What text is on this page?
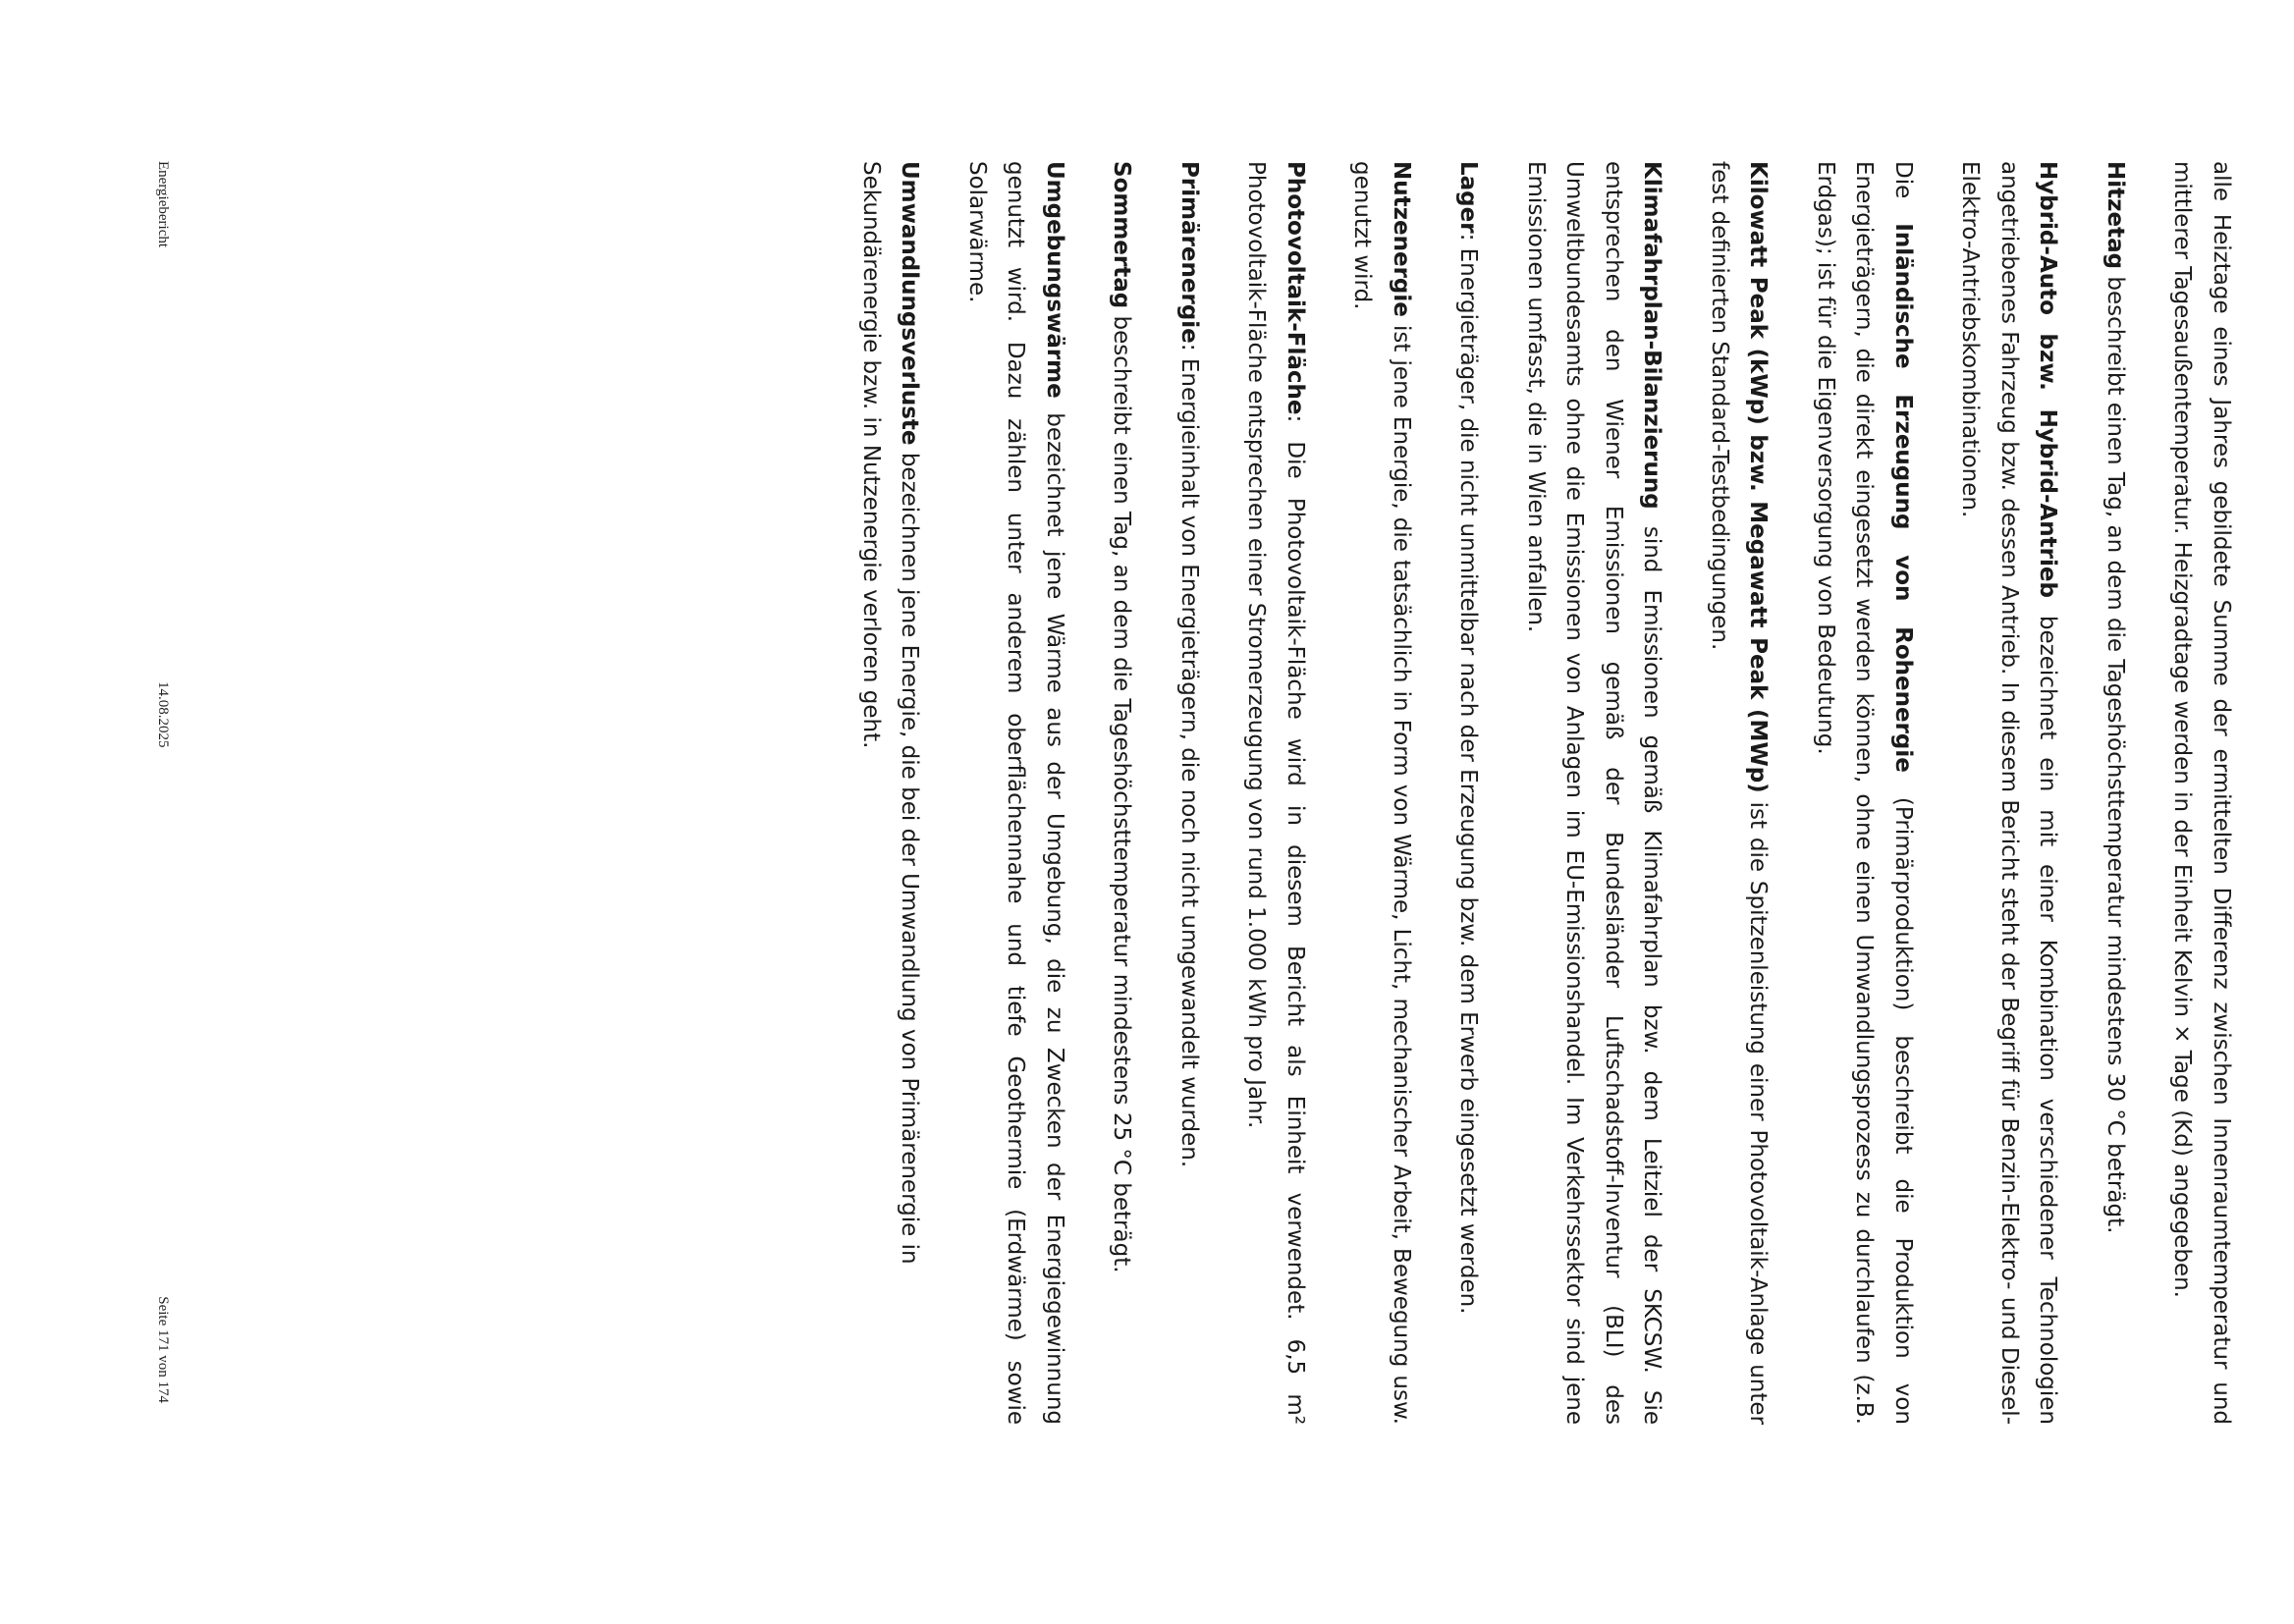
alle Heiztage eines Jahres gebildete Summe der ermittelten Differenz zwischen Innenraumtemperatur und mittlerer Tagesaußentemperatur. Heizgradtage werden in der Einheit Kelvin × Tage (Kd) angegeben.

Hitzetag beschreibt einen Tag, an dem die Tageshöchsttemperatur mindestens 30 °C beträgt.

Hybrid-Auto bzw. Hybrid-Antrieb bezeichnet ein mit einer Kombination verschiedener Technologien angetriebenes Fahrzeug bzw. dessen Antrieb. In diesem Bericht steht der Begriff für Benzin-Elektro- und Diesel-Elektro-Antriebskombinationen.

Die Inländische Erzeugung von Rohenergie (Primärproduktion) beschreibt die Produktion von Energieträgern, die direkt eingesetzt werden können, ohne einen Umwandlungsprozess zu durchlaufen (z.B. Erdgas); ist für die Eigenversorgung von Bedeutung.

Kilowatt Peak (kWp) bzw. Megawatt Peak (MWp) ist die Spitzenleistung einer Photovoltaik-Anlage unter fest definierten Standard-Testbedingungen.

Klimafahrplan-Bilanzierung sind Emissionen gemäß Klimafahrplan bzw. dem Leitziel der SKCSW. Sie entsprechen den Wiener Emissionen gemäß der Bundesländer Luftschadstoff-Inventur (BLI) des Umweltbundesamts ohne die Emissionen von Anlagen im EU-Emissionshandel. Im Verkehrssektor sind jene Emissionen umfasst, die in Wien anfallen.

Lager: Energieträger, die nicht unmittelbar nach der Erzeugung bzw. dem Erwerb eingesetzt werden.

Nutzenergie ist jene Energie, die tatsächlich in Form von Wärme, Licht, mechanischer Arbeit, Bewegung usw. genutzt wird.

Photovoltaik-Fläche: Die Photovoltaik-Fläche wird in diesem Bericht als Einheit verwendet. 6,5 m² Photovoltaik-Fläche entsprechen einer Stromerzeugung von rund 1.000 kWh pro Jahr.

Primärenergie: Energieinhalt von Energieträgern, die noch nicht umgewandelt wurden.

Sommertag beschreibt einen Tag, an dem die Tageshöchsttemperatur mindestens 25 °C beträgt.

Umgebungswärme bezeichnet jene Wärme aus der Umgebung, die zu Zwecken der Energiegewinnung genutzt wird. Dazu zählen unter anderem oberflächennahe und tiefe Geothermie (Erdwärme) sowie Solarwärme.

Umwandlungsverluste bezeichnen jene Energie, die bei der Umwandlung von Primärenergie in Sekundärenergie bzw. in Nutzenergie verloren geht.

Energiebericht
14.08.2025
Seite 171 von 174
